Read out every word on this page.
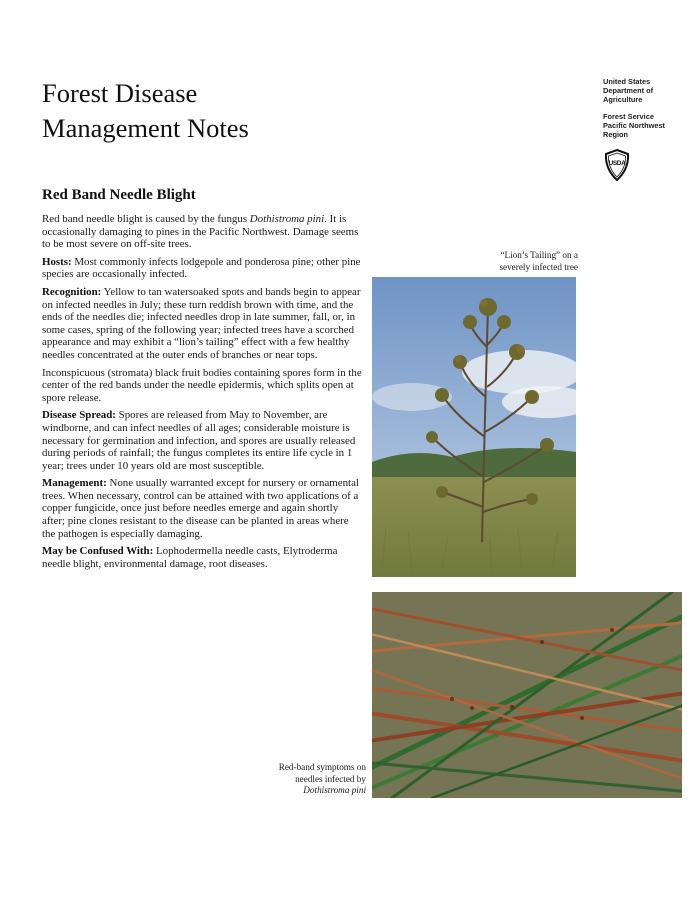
Forest Disease
Management Notes
United States
Department of
Agriculture
Forest Service
Pacific Northwest
Region
USDA
Red Band Needle Blight

Red band needle blight is caused by the fungus Dothistroma pini. It is occasionally damaging to pines in the Pacific Northwest. Damage seems to be most severe on off-site trees.

Hosts: Most commonly infects lodgepole and ponderosa pine; other pine species are occasionally infected.

Recognition: Yellow to tan watersoaked spots and bands begin to appear on infected needles in July; these turn reddish brown with time, and the ends of the needles die; infected needles drop in late summer, fall, or, in some cases, spring of the following year; infected trees have a scorched appearance and may exhibit a “lion’s tailing” effect with a few healthy needles concentrated at the outer ends of branches or near tops.

Inconspicuous (stromata) black fruit bodies containing spores form in the center of the red bands under the needle epidermis, which splits open at spore release.

Disease Spread: Spores are released from May to November, are windborne, and can infect needles of all ages; considerable moisture is necessary for germination and infection, and spores are usually released during periods of rainfall; the fungus completes its entire life cycle in 1 year; trees under 10 years old are most susceptible.

Management: None usually warranted except for nursery or ornamental trees. When necessary, control can be attained with two applications of a copper fungicide, once just before needles emerge and again shortly after; pine clones resistant to the disease can be planted in areas where the pathogen is especially damaging.

May be Confused With: Lophodermella needle casts, Elytroderma needle blight, environmental damage, root diseases.

“Lion’s Tailing” on a
severely infected tree
Red-band symptoms on
needles infected by
Dothistroma pini
